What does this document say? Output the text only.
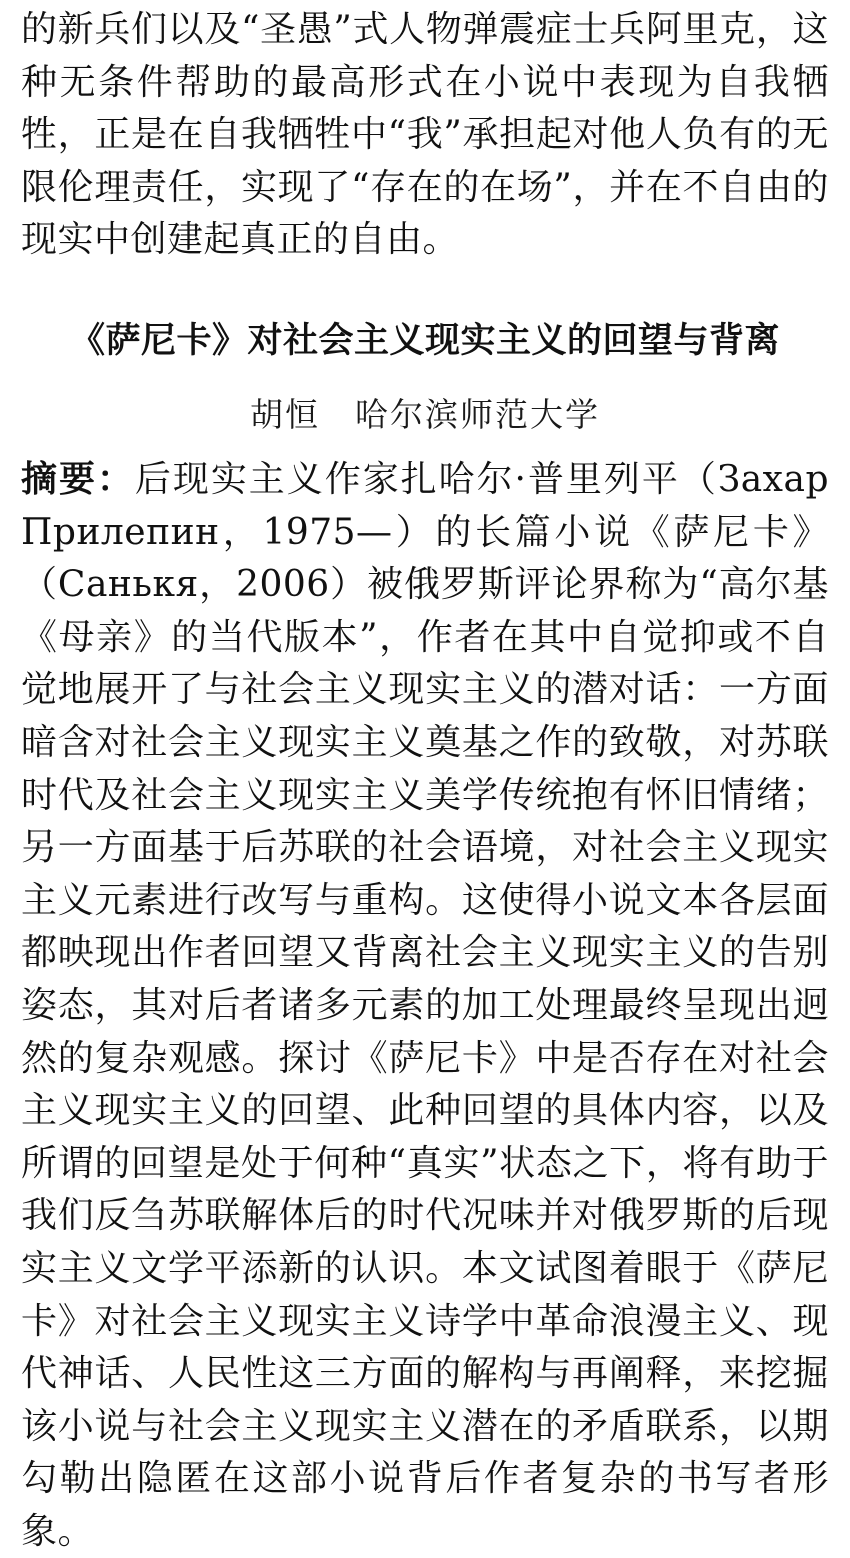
的新兵们以及“圣愚”式人物弹震症士兵阿里克，这种无条件帮助的最高形式在小说中表现为自我牺牲，正是在自我牺牲中“我”承担起对他人负有的无限伦理责任，实现了“存在的在场”，并在不自由的现实中创建起真正的自由。

《萨尼卡》对社会主义现实主义的回望与背离
胡恒  哈尔滨师范大学

摘要：后现实主义作家扎哈尔·普里列平（Захар Прилепин，1975—）的长篇小说《萨尼卡》（Санькя，2006）被俄罗斯评论界称为“高尔基《母亲》的当代版本”，作者在其中自觉抑或不自觉地展开了与社会主义现实主义的潜对话：一方面暗含对社会主义现实主义奠基之作的致敬，对苏联时代及社会主义现实主义美学传统抱有怀旧情绪；另一方面基于后苏联的社会语境，对社会主义现实主义元素进行改写与重构。这使得小说文本各层面都映现出作者回望又背离社会主义现实主义的告别姿态，其对后者诸多元素的加工处理最终呈现出迥然的复杂观感。探讨《萨尼卡》中是否存在对社会主义现实主义的回望、此种回望的具体内容，以及所谓的回望是处于何种“真实”状态之下，将有助于我们反刍苏联解体后的时代况味并对俄罗斯的后现实主义文学平添新的认识。本文试图着眼于《萨尼卡》对社会主义现实主义诗学中革命浪漫主义、现代神话、人民性这三方面的解构与再阐释，来挖掘该小说与社会主义现实主义潜在的矛盾联系，以期勾勒出隐匿在这部小说背后作者复杂的书写者形象。
